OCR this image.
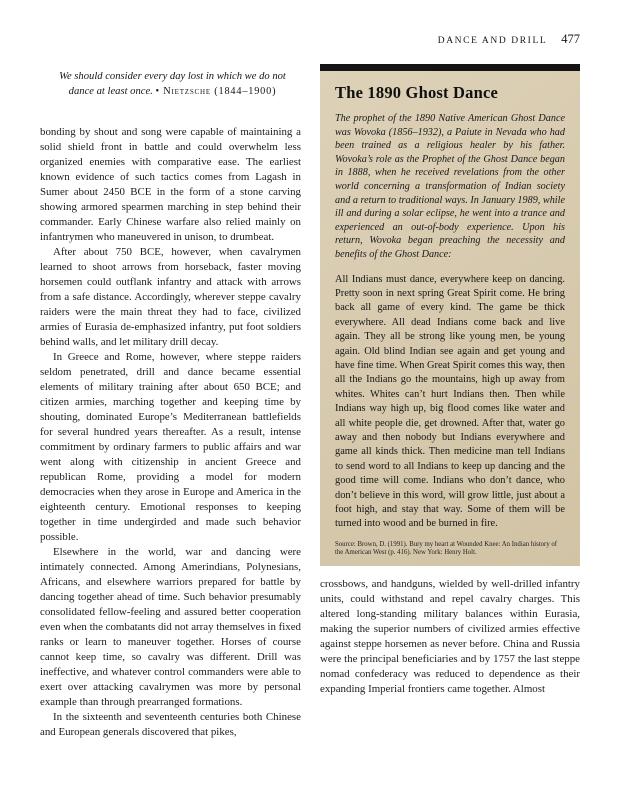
DANCE AND DRILL 477
We should consider every day lost in which we do not dance at least once. • Nietzsche (1844–1900)

bonding by shout and song were capable of maintaining a solid shield front in battle and could overwhelm less organized enemies with comparative ease. The earliest known evidence of such tactics comes from Lagash in Sumer about 2450 BCE in the form of a stone carving showing armored spearmen marching in step behind their commander. Early Chinese warfare also relied mainly on infantrymen who maneuvered in unison, to drumbeat.

After about 750 BCE, however, when cavalrymen learned to shoot arrows from horseback, faster moving horsemen could outflank infantry and attack with arrows from a safe distance. Accordingly, wherever steppe cavalry raiders were the main threat they had to face, civilized armies of Eurasia de-emphasized infantry, put foot soldiers behind walls, and let military drill decay.

In Greece and Rome, however, where steppe raiders seldom penetrated, drill and dance became essential elements of military training after about 650 BCE; and citizen armies, marching together and keeping time by shouting, dominated Europe’s Mediterranean battlefields for several hundred years thereafter. As a result, intense commitment by ordinary farmers to public affairs and war went along with citizenship in ancient Greece and republican Rome, providing a model for modern democracies when they arose in Europe and America in the eighteenth century. Emotional responses to keeping together in time undergirded and made such behavior possible.

Elsewhere in the world, war and dancing were intimately connected. Among Amerindians, Polynesians, Africans, and elsewhere warriors prepared for battle by dancing together ahead of time. Such behavior presumably consolidated fellow-feeling and assured better cooperation even when the combatants did not array themselves in fixed ranks or learn to maneuver together. Horses of course cannot keep time, so cavalry was different. Drill was ineffective, and whatever control commanders were able to exert over attacking cavalrymen was more by personal example than through prearranged formations.

In the sixteenth and seventeenth centuries both Chinese and European generals discovered that pikes,

The 1890 Ghost Dance

The prophet of the 1890 Native American Ghost Dance was Wovoka (1856–1932), a Paiute in Nevada who had been trained as a religious healer by his father. Wovoka’s role as the Prophet of the Ghost Dance began in 1888, when he received revelations from the other world concerning a transformation of Indian society and a return to traditional ways. In January 1989, while ill and during a solar eclipse, he went into a trance and experienced an out-of-body experience. Upon his return, Wovoka began preaching the necessity and benefits of the Ghost Dance:

All Indians must dance, everywhere keep on dancing. Pretty soon in next spring Great Spirit come. He bring back all game of every kind. The game be thick everywhere. All dead Indians come back and live again. They all be strong like young men, be young again. Old blind Indian see again and get young and have fine time. When Great Spirit comes this way, then all the Indians go the mountains, high up away from whites. Whites can’t hurt Indians then. Then while Indians way high up, big flood comes like water and all white people die, get drowned. After that, water go away and then nobody but Indians everywhere and game all kinds thick. Then medicine man tell Indians to send word to all Indians to keep up dancing and the good time will come. Indians who don’t dance, who don’t believe in this word, will grow little, just about a foot high, and stay that way. Some of them will be turned into wood and be burned in fire.

Source: Brown, D. (1991). Bury my heart at Wounded Knee: An Indian history of the American West (p. 416). New York: Henry Holt.

crossbows, and handguns, wielded by well-drilled infantry units, could withstand and repel cavalry charges. This altered long-standing military balances within Eurasia, making the superior numbers of civilized armies effective against steppe horsemen as never before. China and Russia were the principal beneficiaries and by 1757 the last steppe nomad confederacy was reduced to dependence as their expanding Imperial frontiers came together. Almost
